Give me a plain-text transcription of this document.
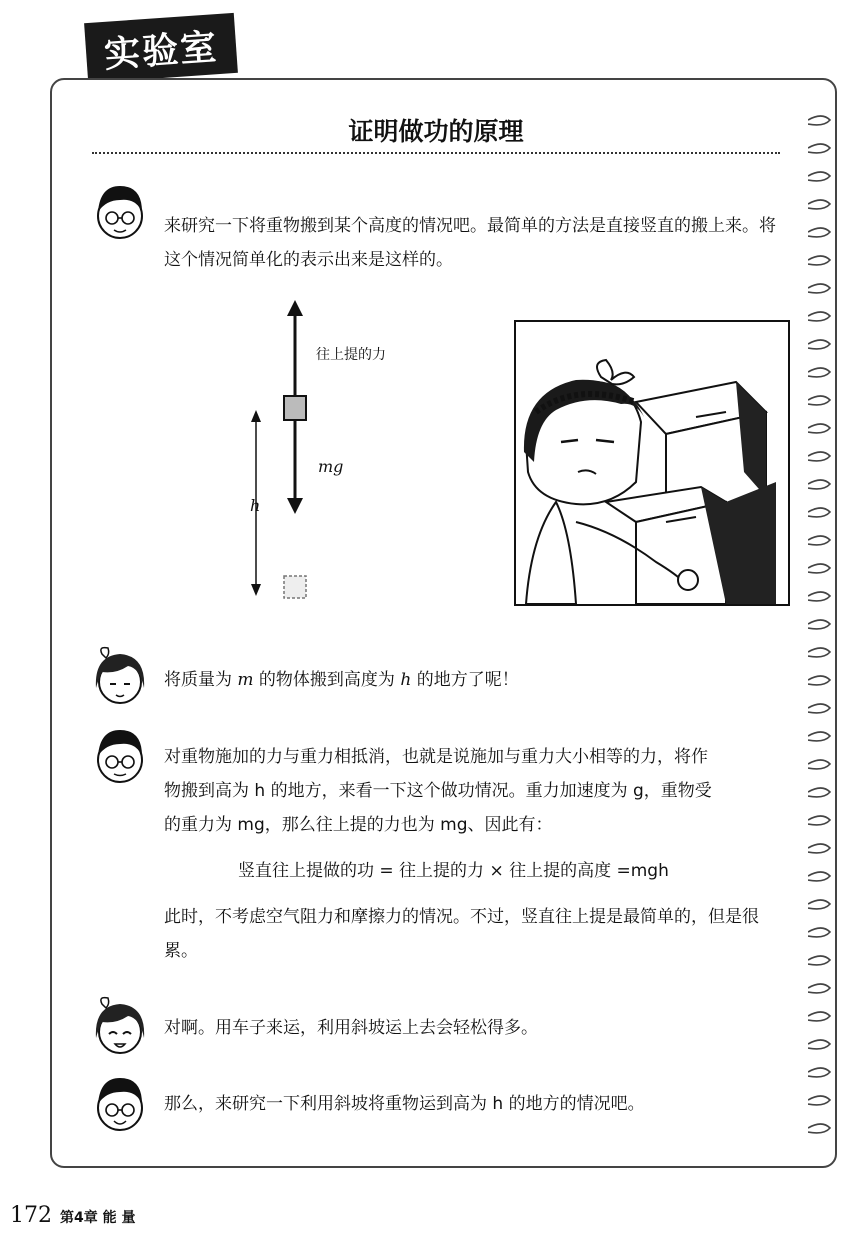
实验室
证明做功的原理
来研究一下将重物搬到某个高度的情况吧。最简单的方法是直接竖直的搬上来。将这个情况简单化的表示出来是这样的。
往上提的力
mg
h
将质量为 m 的物体搬到高度为 h 的地方了呢！
对重物施加的力与重力相抵消，也就是说施加与重力大小相等的力，将作
物搬到高为 h 的地方，来看一下这个做功情况。重力加速度为 g，重物受
的重力为 mg，那么往上提的力也为 mg、因此有：
竖直往上提做的功 = 往上提的力 × 往上提的高度 =mgh
此时，不考虑空气阻力和摩擦力的情况。不过，竖直往上提是最简单的，但是很累。
对啊。用车子来运，利用斜坡运上去会轻松得多。
那么，来研究一下利用斜坡将重物运到高为 h 的地方的情况吧。
172 第4章 能 量
